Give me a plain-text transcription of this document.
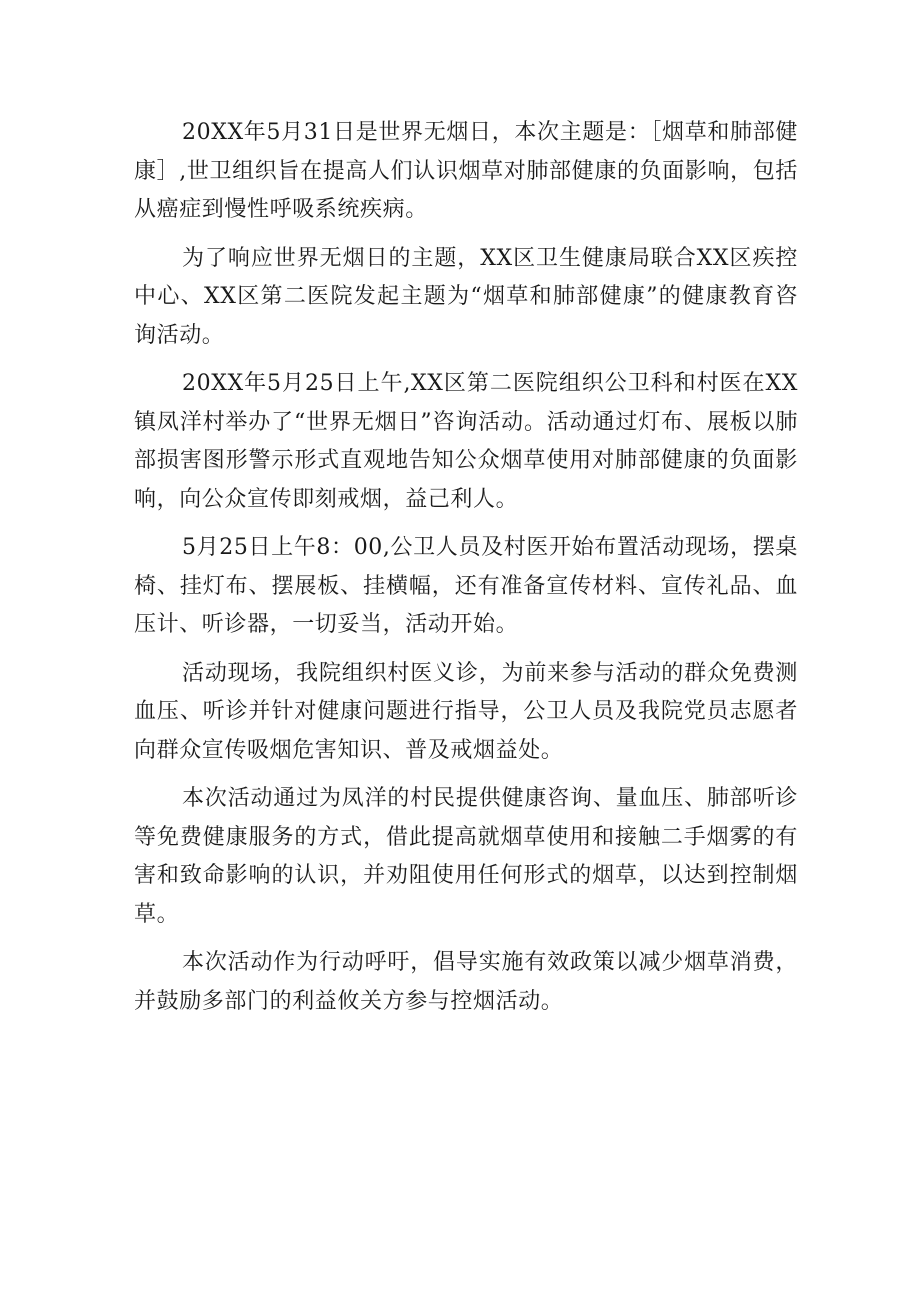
20XX年5月31日是世界无烟日，本次主题是：［烟草和肺部健康］,世卫组织旨在提高人们认识烟草对肺部健康的负面影响，包括从癌症到慢性呼吸系统疾病。

为了响应世界无烟日的主题，XX区卫生健康局联合XX区疾控中心、XX区第二医院发起主题为“烟草和肺部健康”的健康教育咨询活动。

20XX年5月25日上午,XX区第二医院组织公卫科和村医在XX镇凤洋村举办了“世界无烟日”咨询活动。活动通过灯布、展板以肺部损害图形警示形式直观地告知公众烟草使用对肺部健康的负面影响，向公众宣传即刻戒烟，益己利人。

5月25日上午8：00,公卫人员及村医开始布置活动现场，摆桌椅、挂灯布、摆展板、挂横幅，还有准备宣传材料、宣传礼品、血压计、听诊器，一切妥当，活动开始。

活动现场，我院组织村医义诊，为前来参与活动的群众免费测血压、听诊并针对健康问题进行指导，公卫人员及我院党员志愿者向群众宣传吸烟危害知识、普及戒烟益处。

本次活动通过为凤洋的村民提供健康咨询、量血压、肺部听诊等免费健康服务的方式，借此提高就烟草使用和接触二手烟雾的有害和致命影响的认识，并劝阻使用任何形式的烟草，以达到控制烟草。

本次活动作为行动呼吁，倡导实施有效政策以减少烟草消费，并鼓励多部门的利益攸关方参与控烟活动。
